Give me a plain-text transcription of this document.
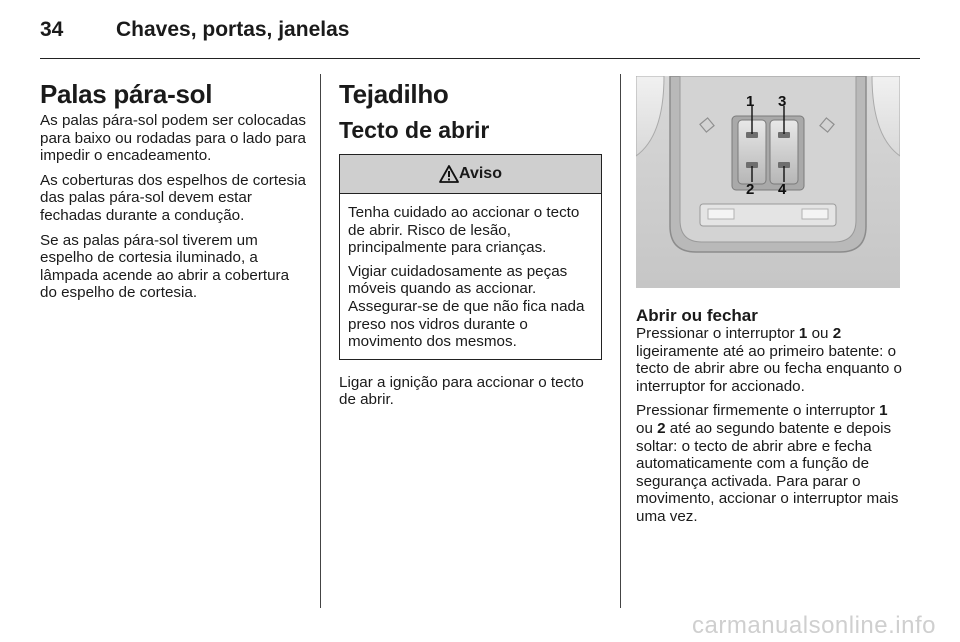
34	Chaves, portas, janelas
Palas pára-sol

As palas pára-sol podem ser colocadas para baixo ou rodadas para o lado para impedir o encadeamento.

As coberturas dos espelhos de cortesia das palas pára-sol devem estar fechadas durante a condução.

Se as palas pára-sol tiverem um espelho de cortesia iluminado, a lâmpada acende ao abrir a cobertura do espelho de cortesia.

Tejadilho
Tecto de abrir
Aviso

Tenha cuidado ao accionar o tecto de abrir. Risco de lesão, principalmente para crianças.

Vigiar cuidadosamente as peças móveis quando as accionar. Assegurar-se de que não fica nada preso nos vidros durante o movimento dos mesmos.

Ligar a ignição para accionar o tecto de abrir.

1 3
2 4
Abrir ou fechar

Pressionar o interruptor 1 ou 2 ligeiramente até ao primeiro batente: o tecto de abrir abre ou fecha enquanto o interruptor for accionado.

Pressionar firmemente o interruptor 1 ou 2 até ao segundo batente e depois soltar: o tecto de abrir abre e fecha automaticamente com a função de segurança activada. Para parar o movimento, accionar o interruptor mais uma vez.

carmanualsonline.info
